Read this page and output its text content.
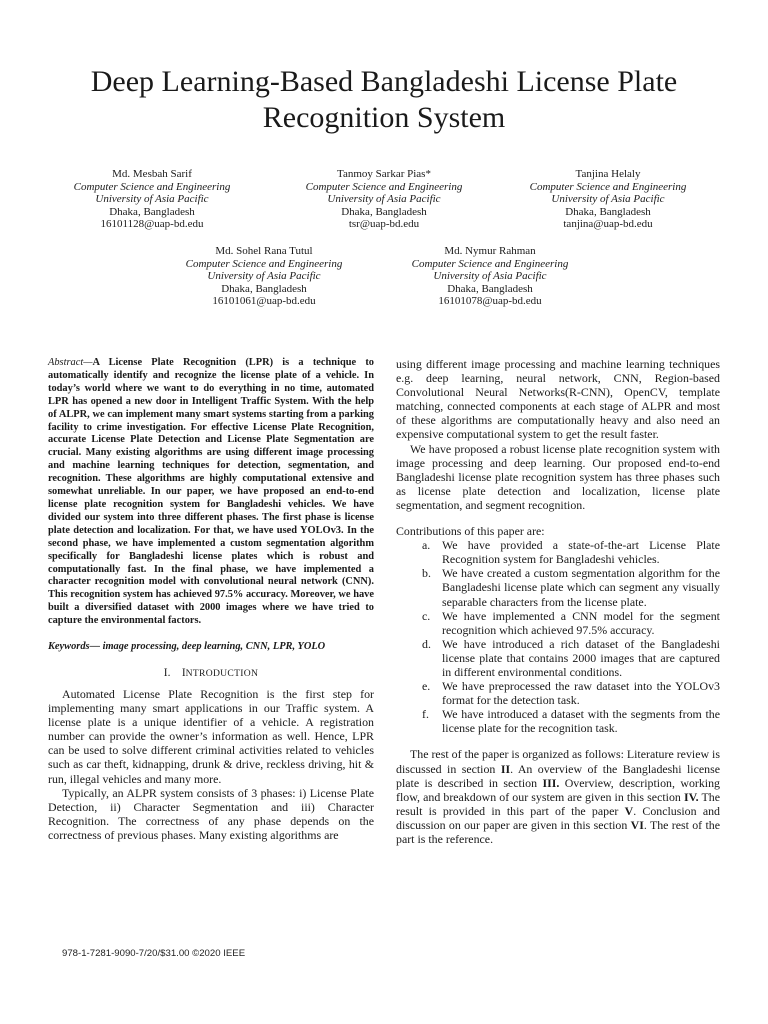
Deep Learning-Based Bangladeshi License Plate Recognition System
Md. Mesbah Sarif
Computer Science and Engineering
University of Asia Pacific
Dhaka, Bangladesh
16101128@uap-bd.edu
Tanmoy Sarkar Pias*
Computer Science and Engineering
University of Asia Pacific
Dhaka, Bangladesh
tsr@uap-bd.edu
Tanjina Helaly
Computer Science and Engineering
University of Asia Pacific
Dhaka, Bangladesh
tanjina@uap-bd.edu
Md. Sohel Rana Tutul
Computer Science and Engineering
University of Asia Pacific
Dhaka, Bangladesh
16101061@uap-bd.edu
Md. Nymur Rahman
Computer Science and Engineering
University of Asia Pacific
Dhaka, Bangladesh
16101078@uap-bd.edu

Abstract—A License Plate Recognition (LPR) is a technique to automatically identify and recognize the license plate of a vehicle. In today’s world where we want to do everything in no time, automated LPR has opened a new door in Intelligent Traffic System. With the help of ALPR, we can implement many smart systems starting from a parking facility to crime investigation. For effective License Plate Recognition, accurate License Plate Detection and License Plate Segmentation are crucial. Many existing algorithms are using different image processing and machine learning techniques for detection, segmentation, and recognition. These algorithms are highly computational extensive and somewhat unreliable. In our paper, we have proposed an end-to-end license plate recognition system for Bangladeshi vehicles. We have divided our system into three different phases. The first phase is license plate detection and localization. For that, we have used YOLOv3. In the second phase, we have implemented a custom segmentation algorithm specifically for Bangladeshi license plates which is robust and computationally fast. In the final phase, we have implemented a character recognition model with convolutional neural network (CNN). This recognition system has achieved 97.5% accuracy. Moreover, we have built a diversified dataset with 2000 images where we have tried to capture the environmental factors.

Keywords— image processing, deep learning, CNN, LPR, YOLO

I. INTRODUCTION

Automated License Plate Recognition is the first step for implementing many smart applications in our Traffic system. A license plate is a unique identifier of a vehicle. A registration number can provide the owner’s information as well. Hence, LPR can be used to solve different criminal activities related to vehicles such as car theft, kidnapping, drunk & drive, reckless driving, hit & run, illegal vehicles and many more.

Typically, an ALPR system consists of 3 phases: i) License Plate Detection, ii) Character Segmentation and iii) Character Recognition. The correctness of any phase depends on the correctness of previous phases. Many existing algorithms are

using different image processing and machine learning techniques e.g. deep learning, neural network, CNN, Region-based Convolutional Neural Networks(R-CNN), OpenCV, template matching, connected components at each stage of ALPR and most of these algorithms are computationally heavy and also need an expensive computational system to get the result faster.

We have proposed a robust license plate recognition system with image processing and deep learning. Our proposed end-to-end Bangladeshi license plate recognition system has three phases such as license plate detection and localization, license plate segmentation, and segment recognition.

Contributions of this paper are:

a. We have provided a state-of-the-art License Plate Recognition system for Bangladeshi vehicles.
b. We have created a custom segmentation algorithm for the Bangladeshi license plate which can segment any visually separable characters from the license plate.
c. We have implemented a CNN model for the segment recognition which achieved 97.5% accuracy.
d. We have introduced a rich dataset of the Bangladeshi license plate that contains 2000 images that are captured in different environmental conditions.
e. We have preprocessed the raw dataset into the YOLOv3 format for the detection task.
f. We have introduced a dataset with the segments from the license plate for the recognition task.

The rest of the paper is organized as follows: Literature review is discussed in section II. An overview of the Bangladeshi license plate is described in section III. Overview, description, working flow, and breakdown of our system are given in this section IV. The result is provided in this part of the paper V. Conclusion and discussion on our paper are given in this section VI. The rest of the part is the reference.

978-1-7281-9090-7/20/$31.00 ©2020 IEEE
